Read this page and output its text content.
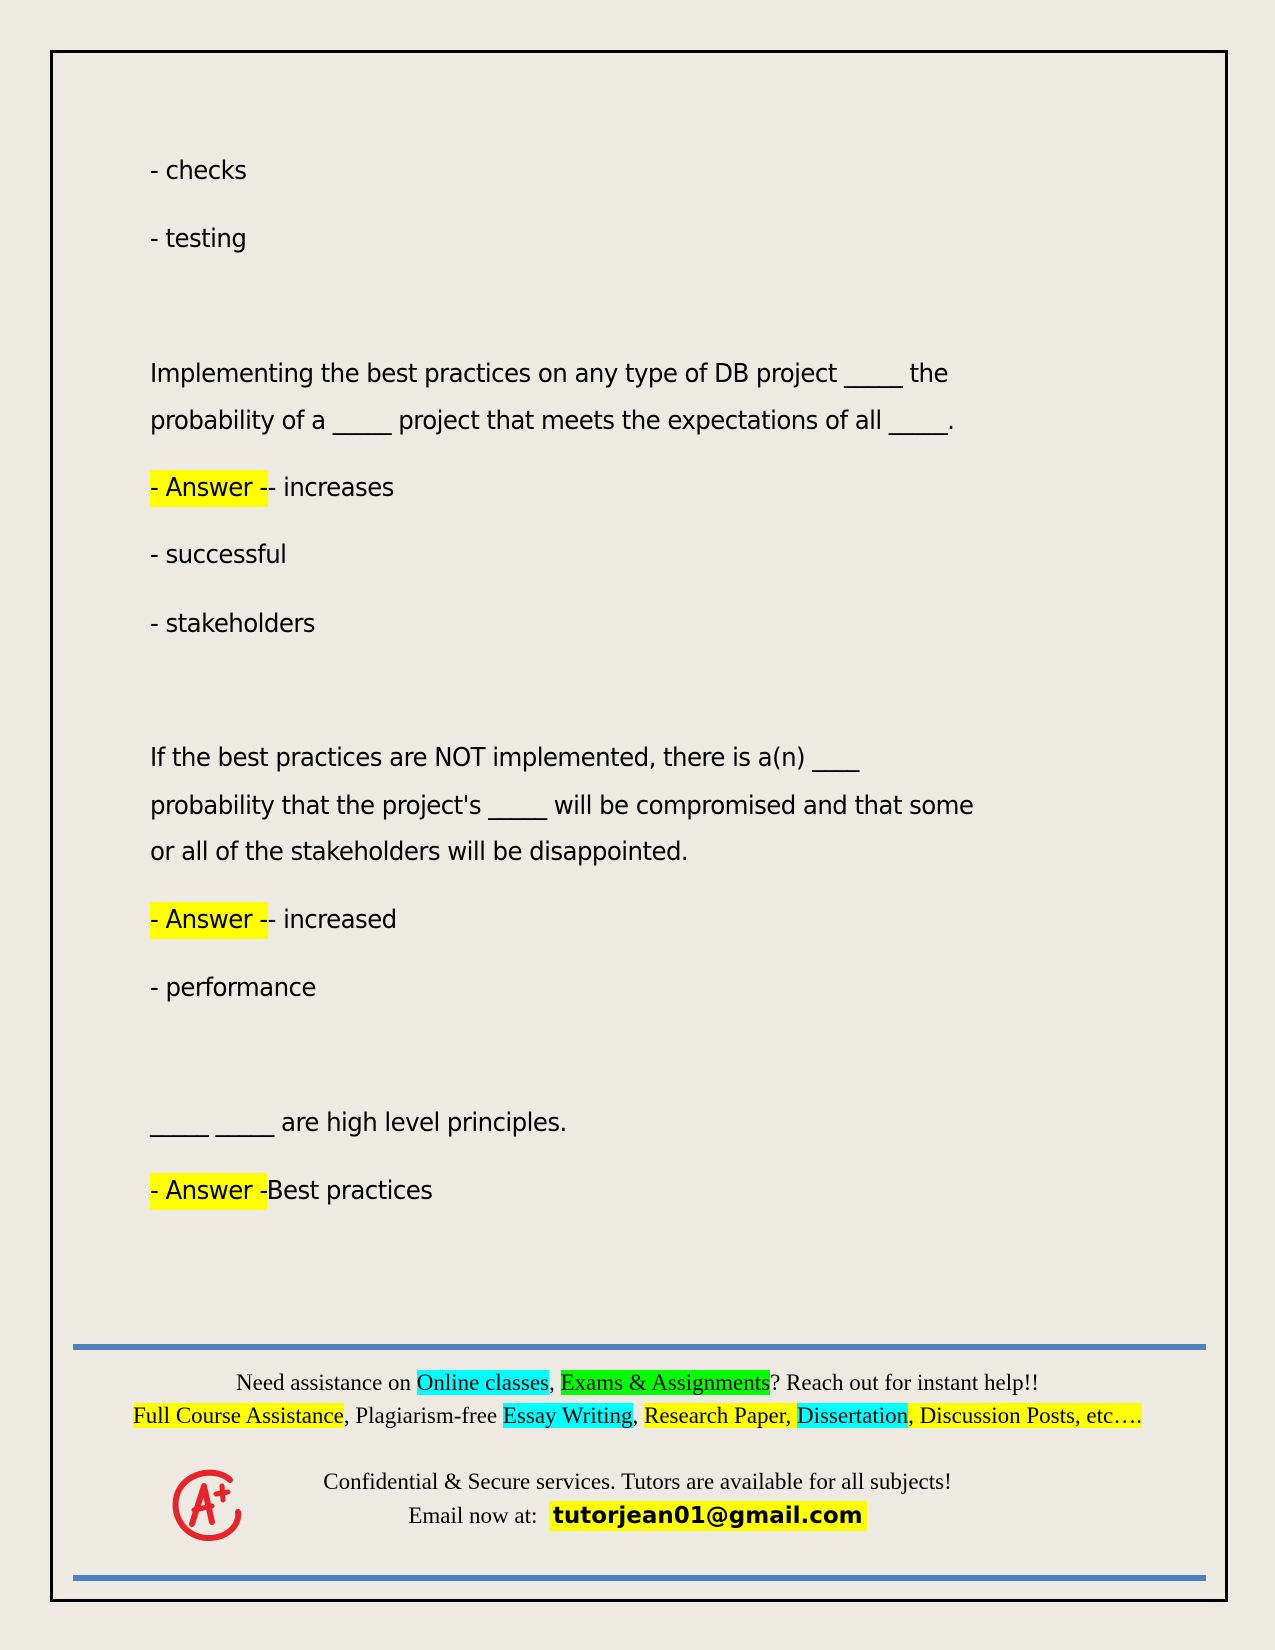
- checks
- testing
Implementing the best practices on any type of DB project _____ the
probability of a _____ project that meets the expectations of all _____.
- Answer -- increases
- successful
- stakeholders
If the best practices are NOT implemented, there is a(n) ____
probability that the project's _____ will be compromised and that some
or all of the stakeholders will be disappointed.
- Answer -- increased
- performance
_____ _____ are high level principles.
- Answer -Best practices
Need assistance on Online classes, Exams & Assignments? Reach out for instant help!!
Full Course Assistance, Plagiarism-free Essay Writing, Research Paper, Dissertation, Discussion Posts, etc….
Confidential & Secure services. Tutors are available for all subjects!
Email now at:  tutorjean01@gmail.com
